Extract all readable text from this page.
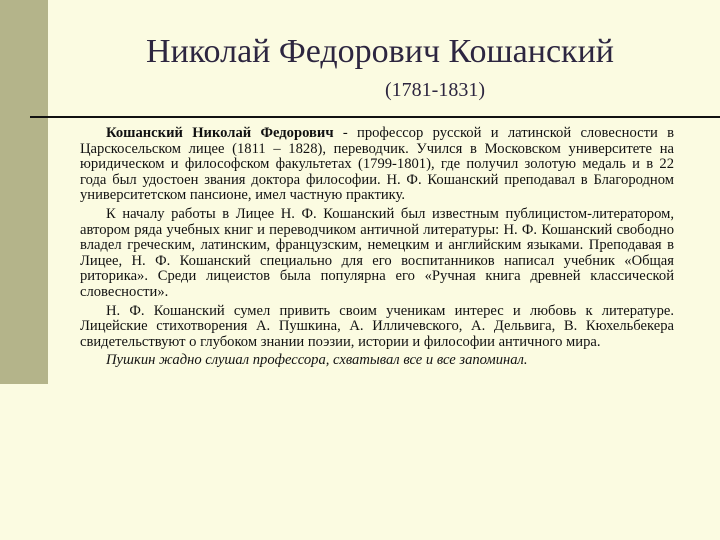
Николай Федорович Кошанский
(1781-1831)

Кошанский Николай Федорович - профессор русской и латинской словесности в Царскосельском лицее (1811 – 1828), переводчик. Учился в Московском университете на юридическом и философском факультетах (1799-1801), где получил золотую медаль и в 22 года был удостоен звания доктора философии. Н. Ф. Кошанский преподавал в Благородном университетском пансионе, имел частную практику.

К началу работы в Лицее Н. Ф. Кошанский был известным публицистом-литератором, автором ряда учебных книг и переводчиком античной литературы: Н. Ф. Кошанский свободно владел греческим, латинским, французским, немецким и английским языками. Преподавая в Лицее, Н. Ф. Кошанский специально для его воспитанников написал учебник «Общая риторика». Среди лицеистов была популярна его «Ручная книга древней классической словесности».

Н. Ф. Кошанский сумел привить своим ученикам интерес и любовь к литературе. Лицейские стихотворения А. Пушкина, А. Илличевского, А. Дельвига, В. Кюхельбекера свидетельствуют о глубоком знании поэзии, истории и философии античного мира.

Пушкин жадно слушал профессора, схватывал все и все запоминал.
